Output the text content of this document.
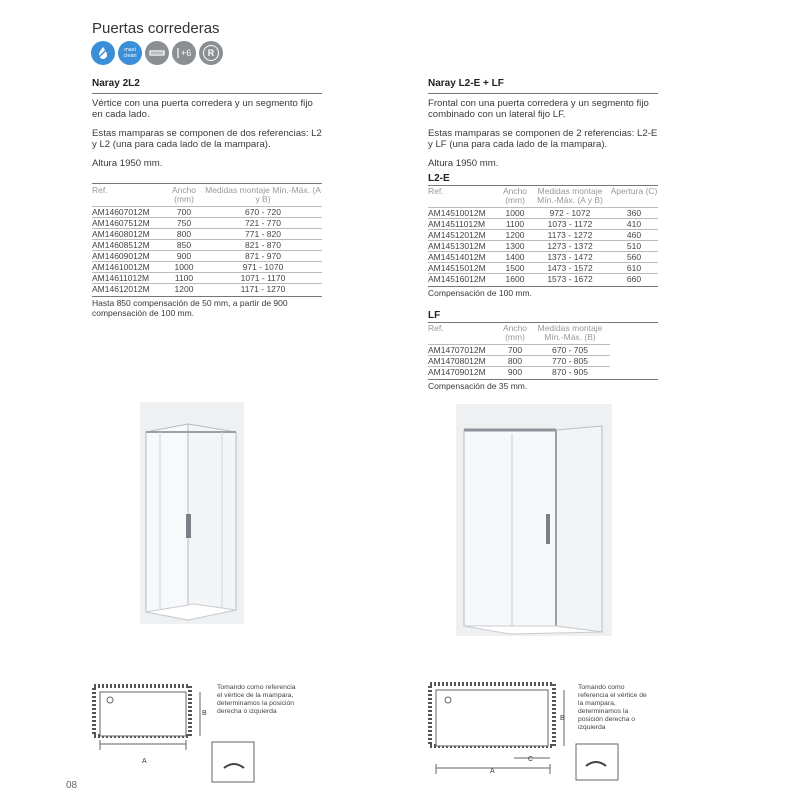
Puertas correderas
maxi
clean	+6	R
Naray 2L2

Vértice con una puerta corredera y un segmento fijo en cada lado.

Estas mamparas se componen de dos referencias: L2 y L2 (una para cada lado de la mampara).

Altura 1950 mm.

Ref.	Ancho (mm)	Medidas montaje Mín.-Máx. (A y B)
AM14607012M	700	670 - 720
AM14607512M	750	721 - 770
AM14608012M	800	771 - 820
AM14608512M	850	821 - 870
AM14609012M	900	871 - 970
AM14610012M	1000	971 - 1070
AM14611012M	1100	1071 - 1170
AM14612012M	1200	1171 - 1270
Hasta 850 compensación de 50 mm, a partir de 900 compensación de 100 mm.
A
B
Tomando como referencia el vértice de la mampara, determinamos la posición derecha o izquierda
Naray L2-E + LF

Frontal con una puerta corredera y un segmento fijo combinado con un lateral fijo LF.

Estas mamparas se componen de 2 referencias: L2-E y LF (una para cada lado de la mampara).

Altura 1950 mm.

L2-E
Ref.	Ancho (mm)	Medidas montaje Mín.-Máx. (A y B)	Apertura (C)
AM14510012M	1000	972 - 1072	360
AM14511012M	1100	1073 - 1172	410
AM14512012M	1200	1173 - 1272	460
AM14513012M	1300	1273 - 1372	510
AM14514012M	1400	1373 - 1472	560
AM14515012M	1500	1473 - 1572	610
AM14516012M	1600	1573 - 1672	660
Compensación de 100 mm.
LF
Ref.	Ancho (mm)	Medidas montaje Mín.-Máx. (B)	
AM14707012M	700	670 - 705	
AM14708012M	800	770 - 805	
AM14709012M	900	870 - 905	
Compensación de 35 mm.
A
C
B
Tomando como referencia el vértice de la mampara, determinamos la posición derecha o izquierda
08
